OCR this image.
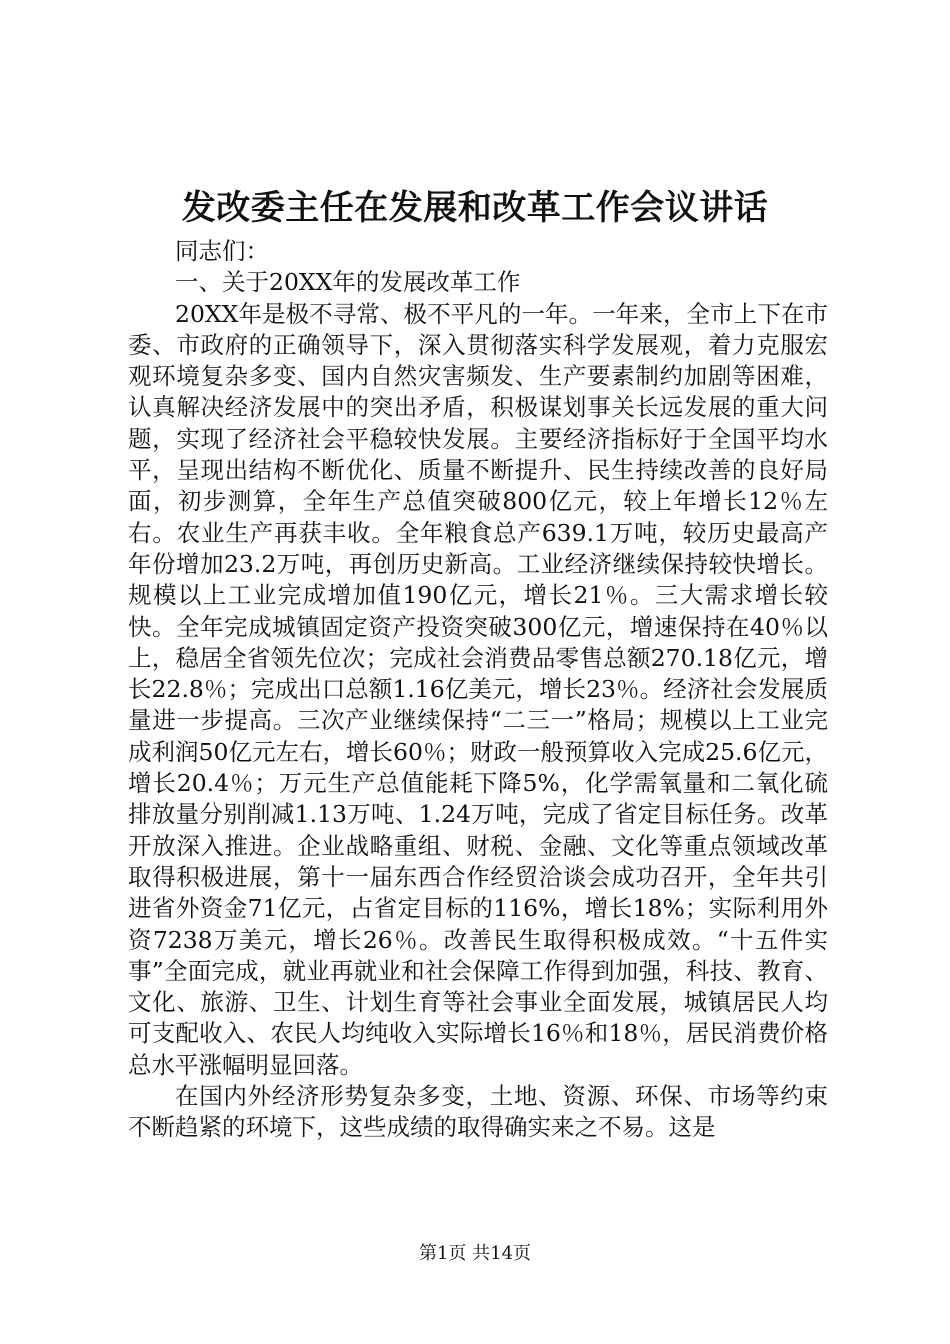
发改委主任在发展和改革工作会议讲话

同志们：

一、关于20XX年的发展改革工作

20XX年是极不寻常、极不平凡的一年。一年来，全市上下在市委、市政府的正确领导下，深入贯彻落实科学发展观，着力克服宏观环境复杂多变、国内自然灾害频发、生产要素制约加剧等困难，认真解决经济发展中的突出矛盾，积极谋划事关长远发展的重大问题，实现了经济社会平稳较快发展。主要经济指标好于全国平均水平，呈现出结构不断优化、质量不断提升、民生持续改善的良好局面，初步测算，全年生产总值突破800亿元，较上年增长12％左右。农业生产再获丰收。全年粮食总产639.1万吨，较历史最高产年份增加23.2万吨，再创历史新高。工业经济继续保持较快增长。规模以上工业完成增加值190亿元，增长21％。三大需求增长较快。全年完成城镇固定资产投资突破300亿元，增速保持在40％以上，稳居全省领先位次；完成社会消费品零售总额270.18亿元，增长22.8％；完成出口总额1.16亿美元，增长23％。经济社会发展质量进一步提高。三次产业继续保持“二三一”格局；规模以上工业完成利润50亿元左右，增长60％；财政一般预算收入完成25.6亿元，增长20.4％；万元生产总值能耗下降5%，化学需氧量和二氧化硫排放量分别削减1.13万吨、1.24万吨，完成了省定目标任务。改革开放深入推进。企业战略重组、财税、金融、文化等重点领域改革取得积极进展，第十一届东西合作经贸洽谈会成功召开，全年共引进省外资金71亿元，占省定目标的116%，增长18%；实际利用外资7238万美元，增长26％。改善民生取得积极成效。“十五件实事”全面完成，就业再就业和社会保障工作得到加强，科技、教育、文化、旅游、卫生、计划生育等社会事业全面发展，城镇居民人均可支配收入、农民人均纯收入实际增长16％和18％，居民消费价格总水平涨幅明显回落。

在国内外经济形势复杂多变，土地、资源、环保、市场等约束不断趋紧的环境下，这些成绩的取得确实来之不易。这是

第1页 共14页
